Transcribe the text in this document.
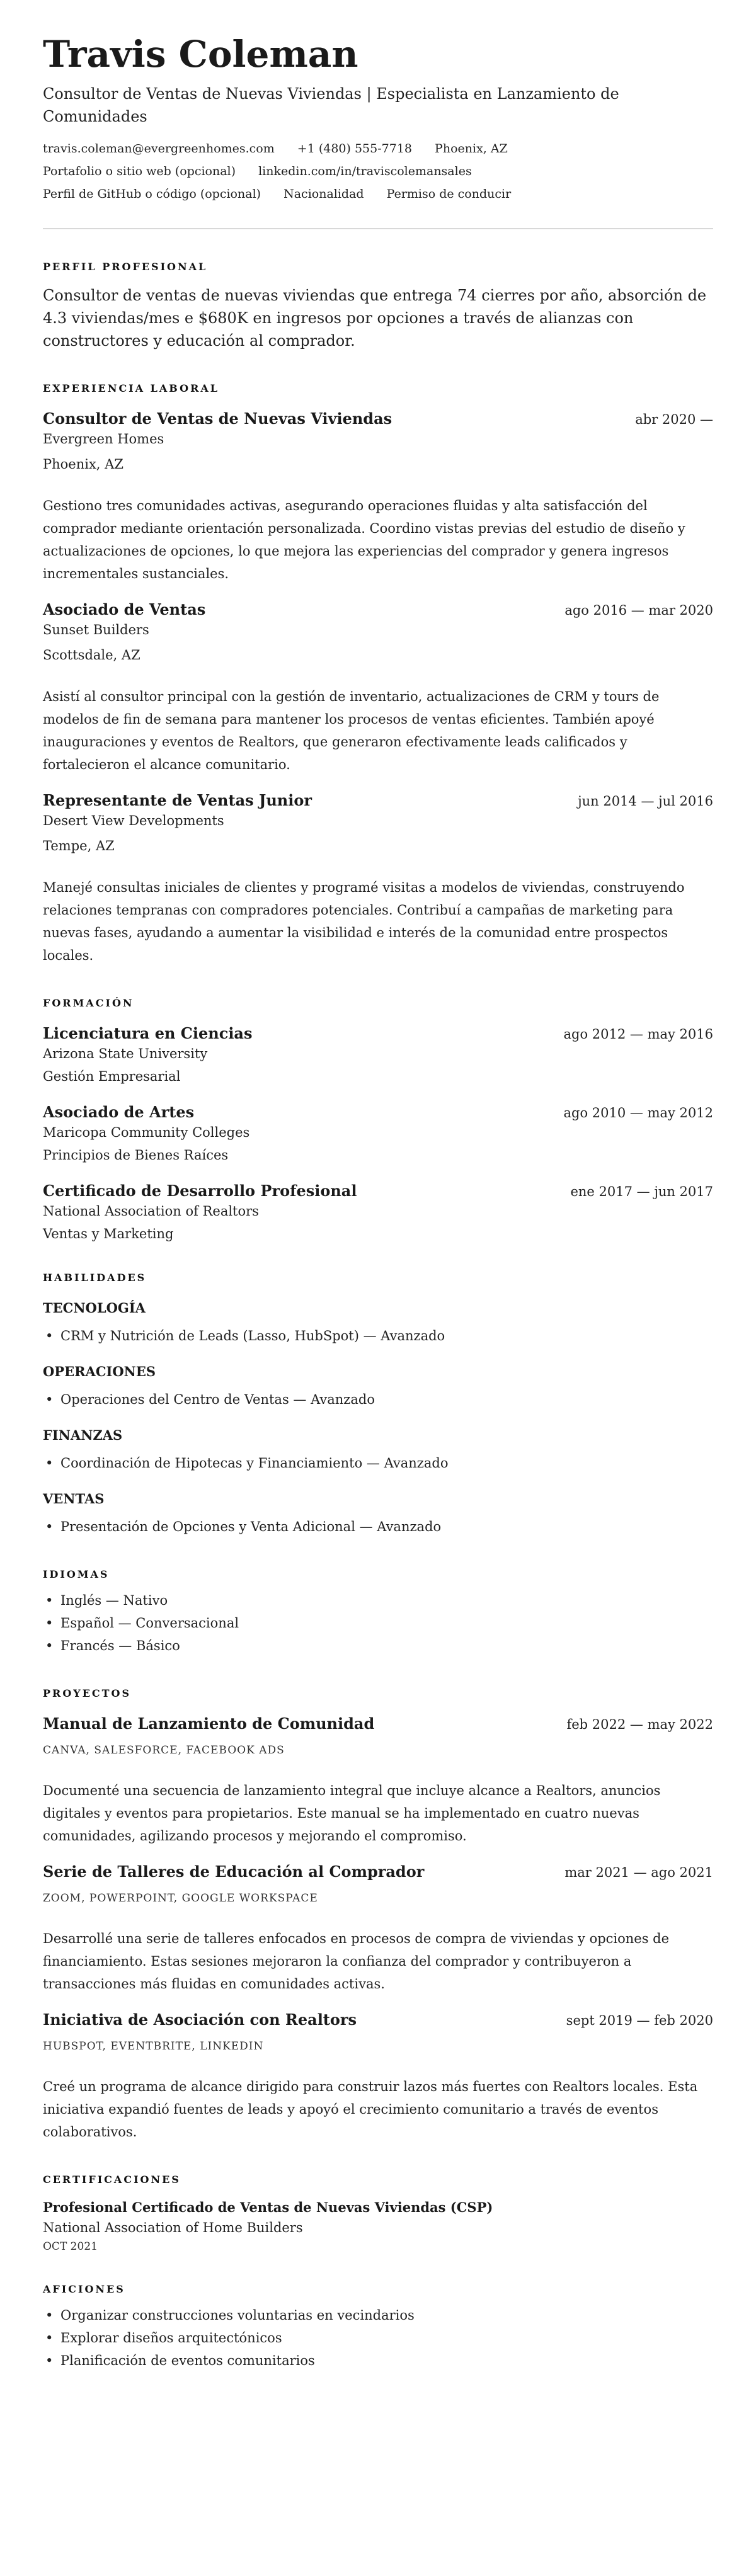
Travis Coleman
Consultor de Ventas de Nuevas Viviendas | Especialista en Lanzamiento de Comunidades
travis.coleman@evergreenhomes.com +1 (480) 555-7718 Phoenix, AZ
Portafolio o sitio web (opcional) linkedin.com/in/traviscolemansales
Perfil de GitHub o código (opcional) Nacionalidad Permiso de conducir
PERFIL PROFESIONAL

Consultor de ventas de nuevas viviendas que entrega 74 cierres por año, absorción de 4.3 viviendas/mes e $680K en ingresos por opciones a través de alianzas con constructores y educación al comprador.

EXPERIENCIA LABORAL
Consultor de Ventas de Nuevas Viviendas	abr 2020 —
Evergreen Homes
Phoenix, AZ

Gestiono tres comunidades activas, asegurando operaciones fluidas y alta satisfacción del comprador mediante orientación personalizada. Coordino vistas previas del estudio de diseño y actualizaciones de opciones, lo que mejora las experiencias del comprador y genera ingresos incrementales sustanciales.

Asociado de Ventas	ago 2016 — mar 2020
Sunset Builders
Scottsdale, AZ

Asistí al consultor principal con la gestión de inventario, actualizaciones de CRM y tours de modelos de fin de semana para mantener los procesos de ventas eficientes. También apoyé inauguraciones y eventos de Realtors, que generaron efectivamente leads calificados y fortalecieron el alcance comunitario.

Representante de Ventas Junior	jun 2014 — jul 2016
Desert View Developments
Tempe, AZ

Manejé consultas iniciales de clientes y programé visitas a modelos de viviendas, construyendo relaciones tempranas con compradores potenciales. Contribuí a campañas de marketing para nuevas fases, ayudando a aumentar la visibilidad e interés de la comunidad entre prospectos locales.

FORMACIÓN
Licenciatura en Ciencias	ago 2012 — may 2016
Arizona State University
Gestión Empresarial
Asociado de Artes	ago 2010 — may 2012
Maricopa Community Colleges
Principios de Bienes Raíces
Certificado de Desarrollo Profesional	ene 2017 — jun 2017
National Association of Realtors
Ventas y Marketing
HABILIDADES
TECNOLOGÍA
• CRM y Nutrición de Leads (Lasso, HubSpot) — Avanzado
OPERACIONES
• Operaciones del Centro de Ventas — Avanzado
FINANZAS
• Coordinación de Hipotecas y Financiamiento — Avanzado
VENTAS
• Presentación de Opciones y Venta Adicional — Avanzado
IDIOMAS
• Inglés — Nativo
• Español — Conversacional
• Francés — Básico
PROYECTOS
Manual de Lanzamiento de Comunidad	feb 2022 — may 2022
CANVA, SALESFORCE, FACEBOOK ADS

Documenté una secuencia de lanzamiento integral que incluye alcance a Realtors, anuncios digitales y eventos para propietarios. Este manual se ha implementado en cuatro nuevas comunidades, agilizando procesos y mejorando el compromiso.

Serie de Talleres de Educación al Comprador	mar 2021 — ago 2021
ZOOM, POWERPOINT, GOOGLE WORKSPACE

Desarrollé una serie de talleres enfocados en procesos de compra de viviendas y opciones de financiamiento. Estas sesiones mejoraron la confianza del comprador y contribuyeron a transacciones más fluidas en comunidades activas.

Iniciativa de Asociación con Realtors	sept 2019 — feb 2020
HUBSPOT, EVENTBRITE, LINKEDIN

Creé un programa de alcance dirigido para construir lazos más fuertes con Realtors locales. Esta iniciativa expandió fuentes de leads y apoyó el crecimiento comunitario a través de eventos colaborativos.

CERTIFICACIONES
Profesional Certificado de Ventas de Nuevas Viviendas (CSP)
National Association of Home Builders
OCT 2021
AFICIONES
• Organizar construcciones voluntarias en vecindarios
• Explorar diseños arquitectónicos
• Planificación de eventos comunitarios
